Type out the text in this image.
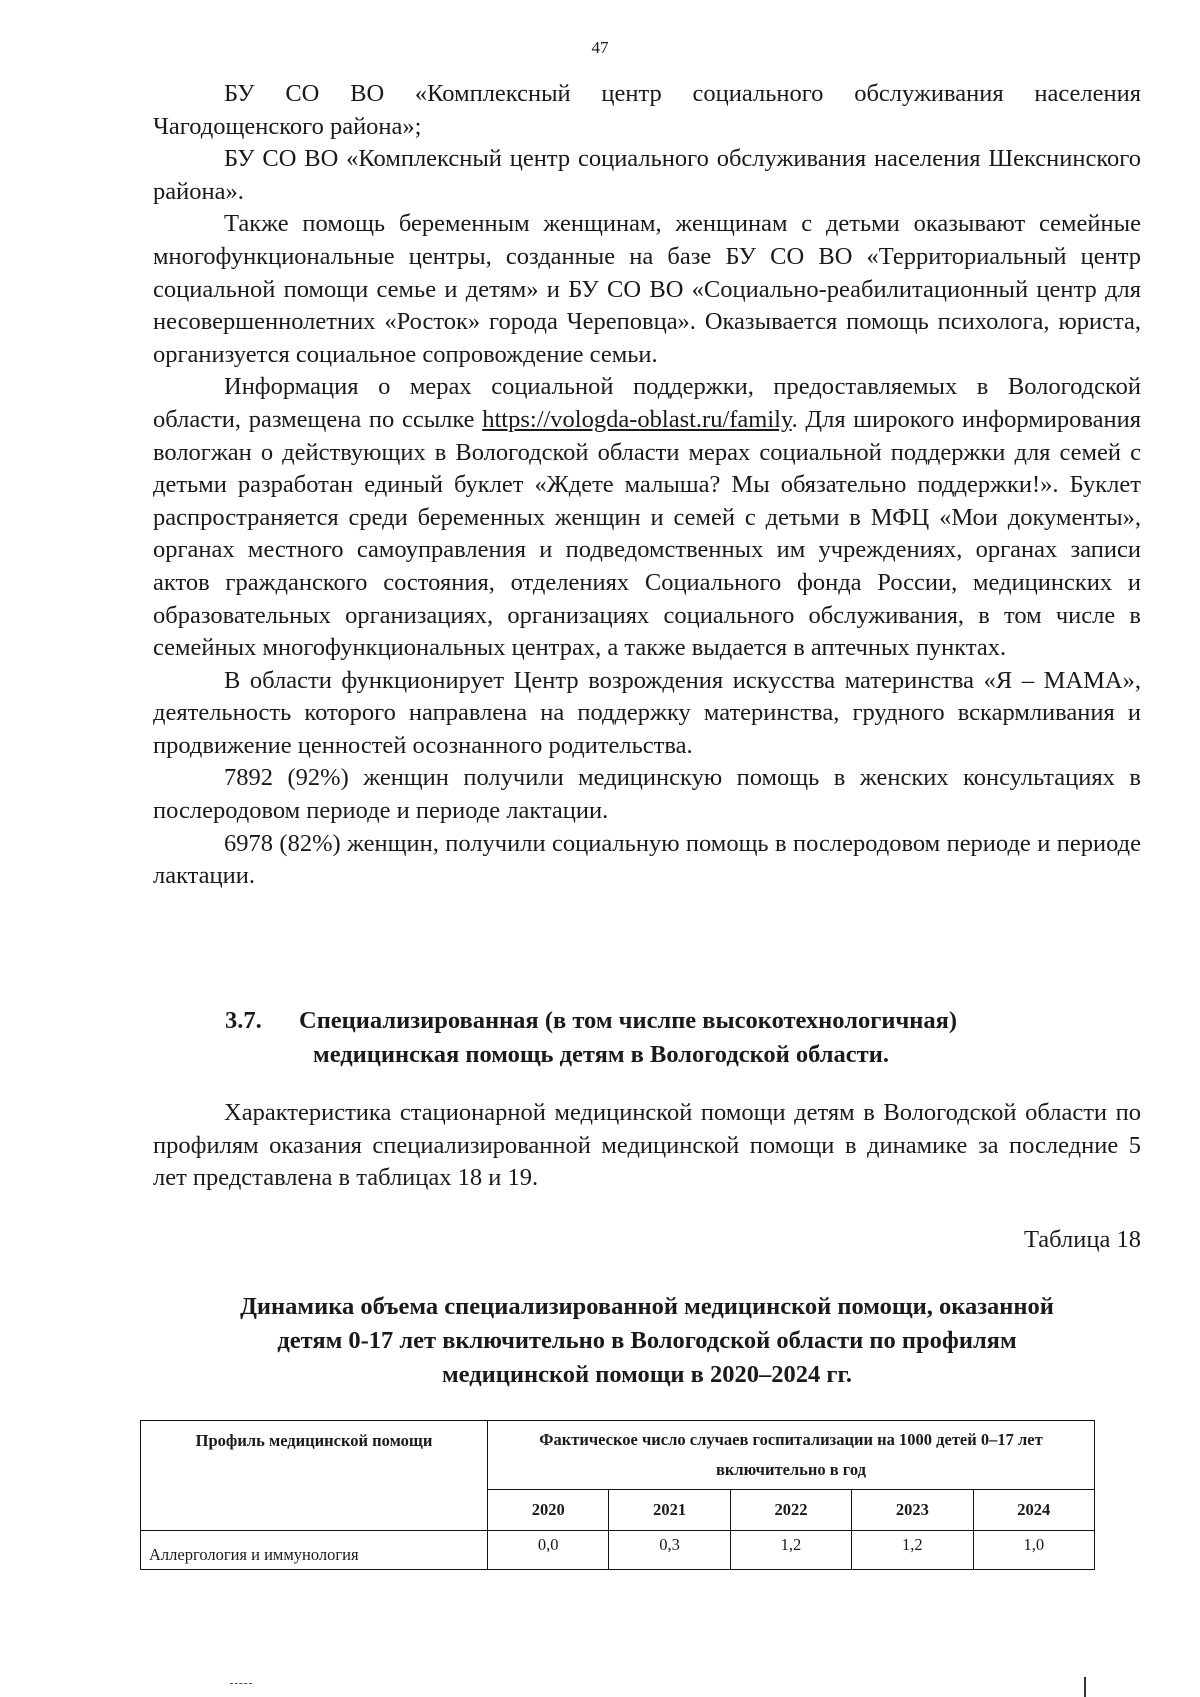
47

БУ СО ВО «Комплексный центр социального обслуживания населения Чагодощенского района»;

БУ СО ВО «Комплексный центр социального обслуживания населения Шекснинского района».

Также помощь беременным женщинам, женщинам с детьми оказывают семейные многофункциональные центры, созданные на базе БУ СО ВО «Территориальный центр социальной помощи семье и детям» и БУ СО ВО «Социально-реабилитационный центр для несовершеннолетних «Росток» города Череповца». Оказывается помощь психолога, юриста, организуется социальное сопровождение семьи.

Информация о мерах социальной поддержки, предоставляемых в Вологодской области, размещена по ссылке https://vologda-oblast.ru/family. Для широкого информирования вологжан о действующих в Вологодской области мерах социальной поддержки для семей с детьми разработан единый буклет «Ждете малыша? Мы обязательно поддержки!». Буклет распространяется среди беременных женщин и семей с детьми в МФЦ «Мои документы», органах местного самоуправления и подведомственных им учреждениях, органах записи актов гражданского состояния, отделениях Социального фонда России, медицинских и образовательных организациях, организациях социального обслуживания, в том числе в семейных многофункциональных центрах, а также выдается в аптечных пунктах.

В области функционирует Центр возрождения искусства материнства «Я – МАМА», деятельность которого направлена на поддержку материнства, грудного вскармливания и продвижение ценностей осознанного родительства.

7892 (92%) женщин получили медицинскую помощь в женских консультациях в послеродовом периоде и периоде лактации.

6978 (82%) женщин, получили социальную помощь в послеродовом периоде и периоде лактации.

3.7. Специализированная (в том числпе высокотехнологичная)
медицинская помощь детям в Вологодской области.
Характеристика стационарной медицинской помощи детям в Вологодской области по профилям оказания специализированной медицинской помощи в динамике за последние 5 лет представлена в таблицах 18 и 19.
Таблица 18
Динамика объема специализированной медицинской помощи, оказанной
детям 0-17 лет включительно в Вологодской области по профилям
медицинской помощи в 2020–2024 гг.
Профиль медицинской помощи	Фактическое число случаев госпитализации на 1000 детей 0–17 лет включительно в год				
	2020	2021	2022	2023	2024
Аллергология и иммунология	0,0	0,3	1,2	1,2	1,0
